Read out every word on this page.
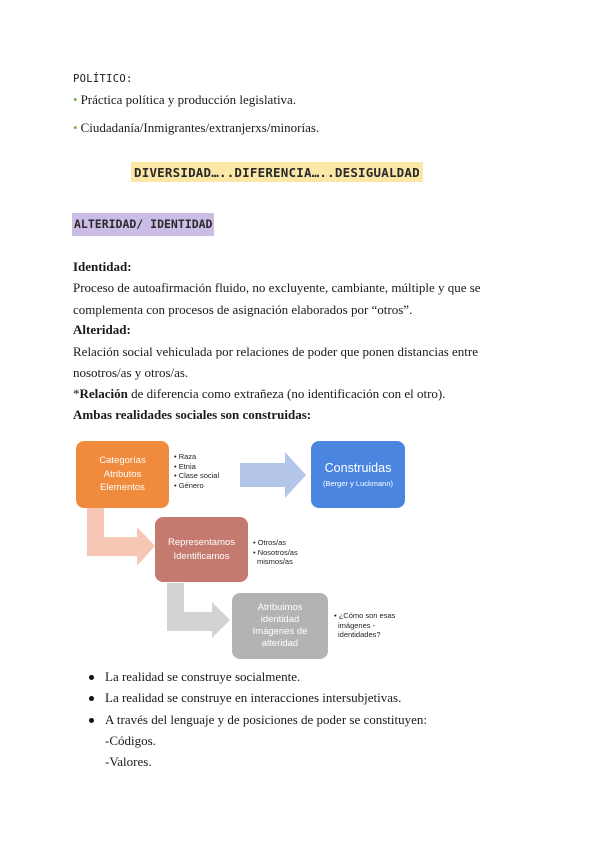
POLÍTICO:
• Práctica política y producción legislativa.
• Ciudadanía/Inmigrantes/extranjerxs/minorías.
DIVERSIDAD…..DIFERENCIA…..DESIGUALDAD
ALTERIDAD/ IDENTIDAD
Identidad:
Proceso de autoafirmación fluido, no excluyente, cambiante, múltiple y que se
complementa con procesos de asignación elaborados por “otros”.
Alteridad:
Relación social vehiculada por relaciones de poder que ponen distancias entre
nosotros/as y otros/as.
*Relación de diferencia como extrañeza (no identificación con el otro).
Ambas realidades sociales son construidas:
Categorías
Atributos
Elementos
• Raza
• Etnia
• Clase social
• Género
Construidas
(Berger y Luckmann)
Representamos
Identificamos
• Otros/as
• Nosotros/as
mismos/as
Atribuimos
identidad
Imágenes de
alteridad
• ¿Cómo son esas
imágenes -
identidades?
La realidad se construye socialmente.
La realidad se construye en interacciones intersubjetivas.
A través del lenguaje y de posiciones de poder se constituyen:
-Códigos.
-Valores.
